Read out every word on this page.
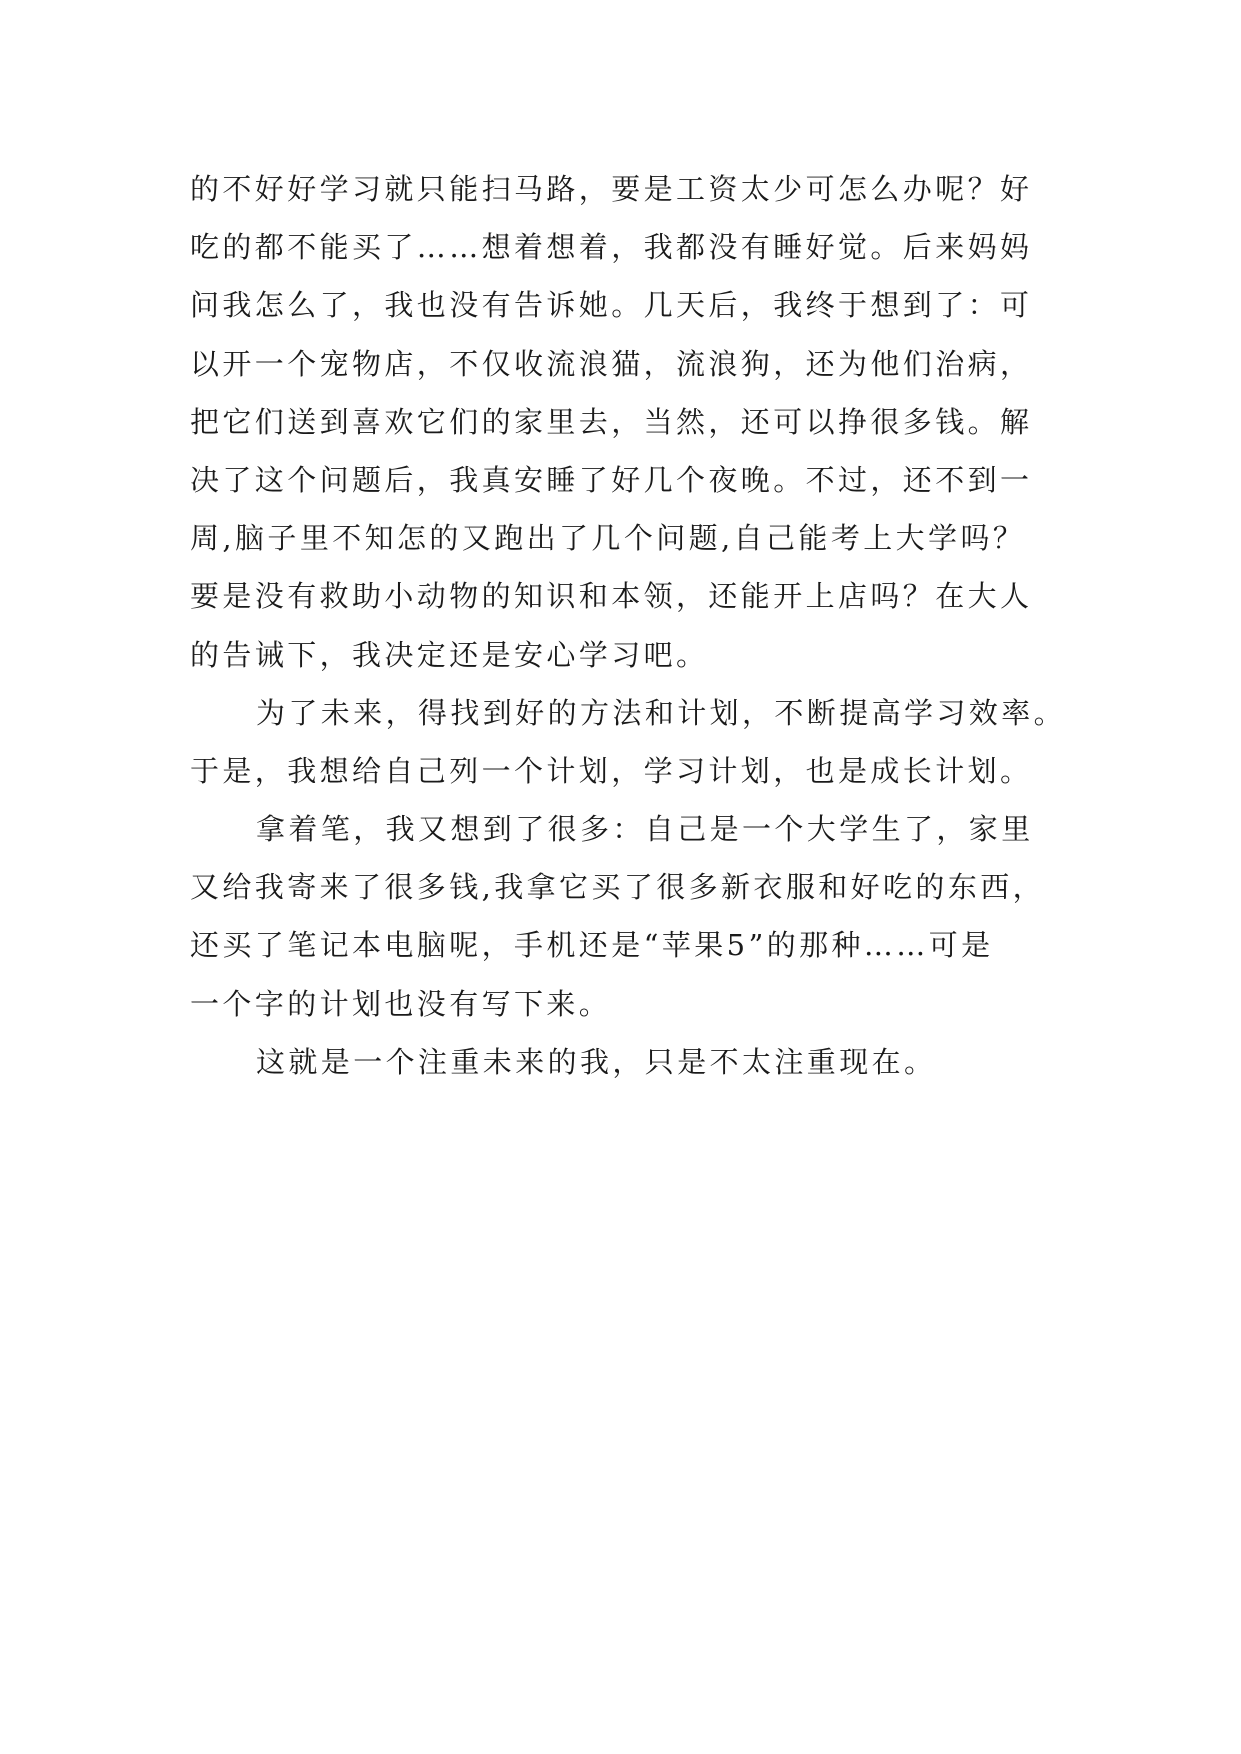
的不好好学习就只能扫马路，要是工资太少可怎么办呢？好
吃的都不能买了……想着想着，我都没有睡好觉。后来妈妈
问我怎么了，我也没有告诉她。几天后，我终于想到了：可
以开一个宠物店，不仅收流浪猫，流浪狗，还为他们治病，
把它们送到喜欢它们的家里去，当然，还可以挣很多钱。解
决了这个问题后，我真安睡了好几个夜晚。不过，还不到一
周,脑子里不知怎的又跑出了几个问题,自己能考上大学吗？
要是没有救助小动物的知识和本领，还能开上店吗？在大人
的告诫下，我决定还是安心学习吧。
为了未来，得找到好的方法和计划，不断提高学习效率。
于是，我想给自己列一个计划，学习计划，也是成长计划。
拿着笔，我又想到了很多：自己是一个大学生了，家里
又给我寄来了很多钱,我拿它买了很多新衣服和好吃的东西，
还买了笔记本电脑呢，手机还是“苹果5”的那种……可是
一个字的计划也没有写下来。
这就是一个注重未来的我，只是不太注重现在。
